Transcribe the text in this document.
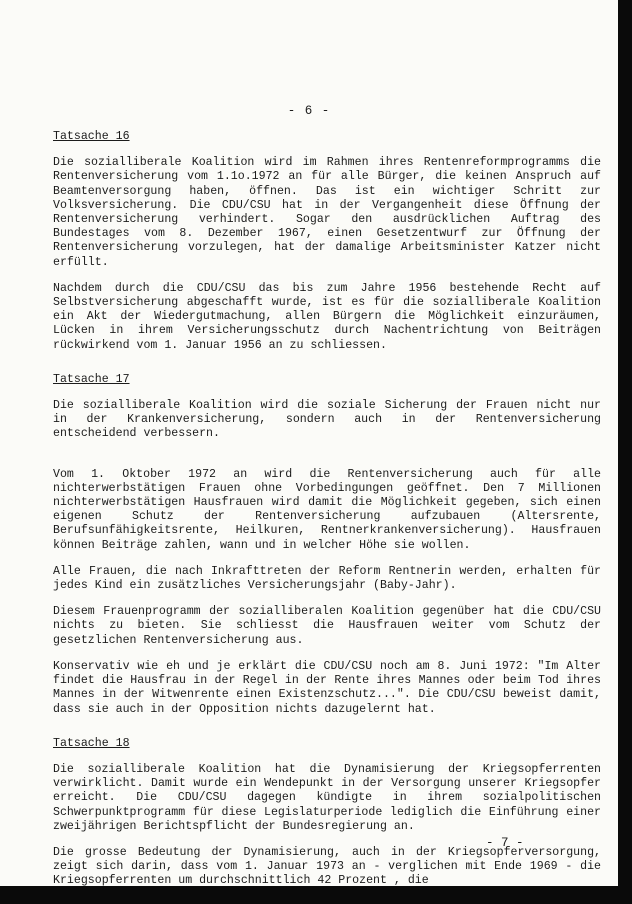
- 6 -
Tatsache 16

Die sozialliberale Koalition wird im Rahmen ihres Rentenreformprogramms die Rentenversicherung vom 1.1o.1972 an für alle Bürger, die keinen Anspruch auf Beamtenversorgung haben, öffnen. Das ist ein wichtiger Schritt zur Volksversicherung. Die CDU/CSU hat in der Vergangenheit diese Öffnung der Rentenversicherung verhindert. Sogar den ausdrücklichen Auftrag des Bundestages vom 8. Dezember 1967, einen Gesetzentwurf zur Öffnung der Rentenversicherung vorzulegen, hat der damalige Arbeitsminister Katzer nicht erfüllt.

Nachdem durch die CDU/CSU das bis zum Jahre 1956 bestehende Recht auf Selbstversicherung abgeschafft wurde, ist es für die sozialliberale Koalition ein Akt der Wiedergutmachung, allen Bürgern die Möglichkeit einzuräumen, Lücken in ihrem Versicherungsschutz durch Nachentrichtung von Beiträgen rückwirkend vom 1. Januar 1956 an zu schliessen.

Tatsache 17

Die sozialliberale Koalition wird die soziale Sicherung der Frauen nicht nur in der Krankenversicherung, sondern auch in der Rentenversicherung entscheidend verbessern.

Vom 1. Oktober 1972 an wird die Rentenversicherung auch für alle nichterwerbstätigen Frauen ohne Vorbedingungen geöffnet. Den 7 Millionen nichterwerbstätigen Hausfrauen wird damit die Möglichkeit gegeben, sich einen eigenen Schutz der Rentenversicherung aufzubauen (Altersrente, Berufsunfähigkeitsrente, Heilkuren, Rentnerkrankenversicherung). Hausfrauen können Beiträge zahlen, wann und in welcher Höhe sie wollen.

Alle Frauen, die nach Inkrafttreten der Reform Rentnerin werden, erhalten für jedes Kind ein zusätzliches Versicherungsjahr (Baby-Jahr).

Diesem Frauenprogramm der sozialliberalen Koalition gegenüber hat die CDU/CSU nichts zu bieten. Sie schliesst die Hausfrauen weiter vom Schutz der gesetzlichen Rentenversicherung aus.

Konservativ wie eh und je erklärt die CDU/CSU noch am 8. Juni 1972: "Im Alter findet die Hausfrau in der Regel in der Rente ihres Mannes oder beim Tod ihres Mannes in der Witwenrente einen Existenzschutz...". Die CDU/CSU beweist damit, dass sie auch in der Opposition nichts dazugelernt hat.

Tatsache 18

Die sozialliberale Koalition hat die Dynamisierung der Kriegsopferrenten verwirklicht. Damit wurde ein Wendepunkt in der Versorgung unserer Kriegsopfer erreicht. Die CDU/CSU dagegen kündigte in ihrem sozialpolitischen Schwerpunktprogramm für diese Legislaturperiode lediglich die Einführung einer zweijährigen Berichtspflicht der Bundesregierung an.

Die grosse Bedeutung der Dynamisierung, auch in der Kriegsopferversorgung, zeigt sich darin, dass vom 1. Januar 1973 an - verglichen mit Ende 1969 - die Kriegsopferrenten um durchschnittlich 42 Prozent , die

- 7 -
